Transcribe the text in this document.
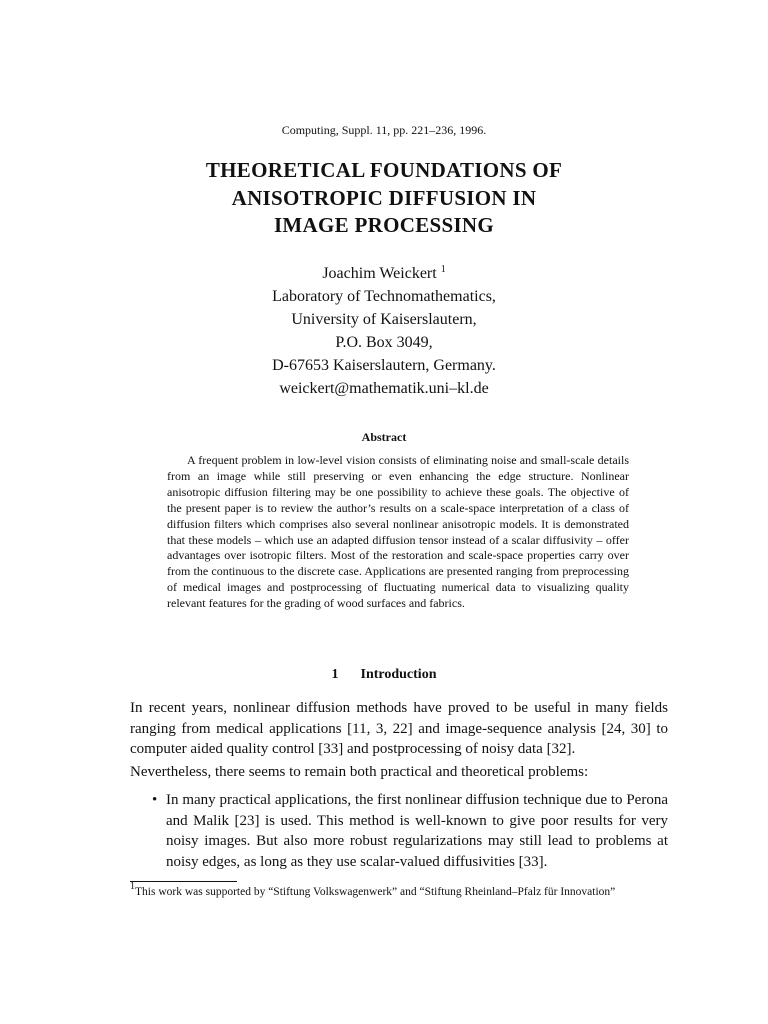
Computing, Suppl. 11, pp. 221–236, 1996.
THEORETICAL FOUNDATIONS OF
ANISOTROPIC DIFFUSION IN
IMAGE PROCESSING
Joachim Weickert $^1$
Laboratory of Technomathematics,
University of Kaiserslautern,
P.O. Box 3049,
D-67653 Kaiserslautern, Germany.
weickert@mathematik.uni–kl.de
Abstract
A frequent problem in low-level vision consists of eliminating noise and small-scale details from an image while still preserving or even enhancing the edge structure. Nonlinear anisotropic diffusion filtering may be one possibility to achieve these goals. The objective of the present paper is to review the author’s results on a scale-space interpretation of a class of diffusion filters which comprises also several nonlinear anisotropic models. It is demonstrated that these models – which use an adapted diffusion tensor instead of a scalar diffusivity – offer advantages over isotropic filters. Most of the restoration and scale-space properties carry over from the continuous to the discrete case. Applications are presented ranging from preprocessing of medical images and postprocessing of fluctuating numerical data to visualizing quality relevant features for the grading of wood surfaces and fabrics.
1 Introduction
In recent years, nonlinear diffusion methods have proved to be useful in many fields ranging from medical applications [11, 3, 22] and image-sequence analysis [24, 30] to computer aided quality control [33] and postprocessing of noisy data [32].
Nevertheless, there seems to remain both practical and theoretical problems:
• In many practical applications, the first nonlinear diffusion technique due to Perona and Malik [23] is used. This method is well-known to give poor results for very noisy images. But also more robust regularizations may still lead to problems at noisy edges, as long as they use scalar-valued diffusivities [33].
$^1$This work was supported by “Stiftung Volkswagenwerk” and “Stiftung Rheinland–Pfalz für Innovation”
